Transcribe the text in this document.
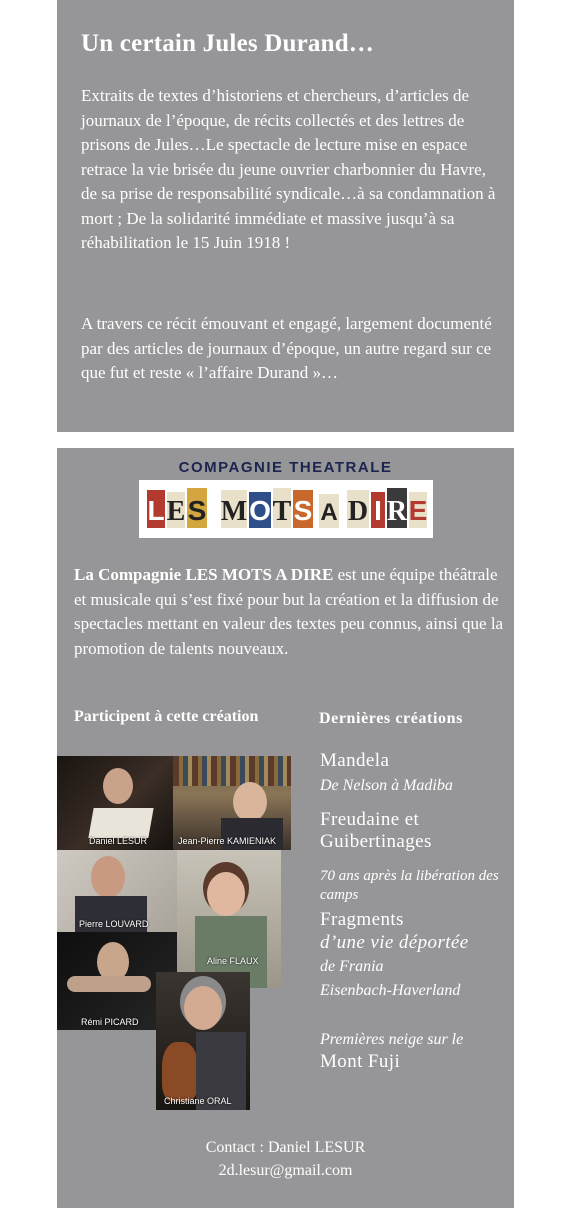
Un certain Jules Durand…
Extraits de textes d’historiens et chercheurs, d’articles de journaux de l’époque, de récits collectés et des lettres de prisons de Jules…Le spectacle de lecture mise en espace retrace la vie brisée du jeune ouvrier charbonnier du Havre, de sa prise de responsabilité syndicale…à sa condamnation à mort ; De la solidarité immédiate et massive jusqu’à sa réhabilitation le 15 Juin 1918 !
A travers ce récit émouvant et engagé, largement documenté par des articles de journaux d’époque, un autre regard sur ce que fut et reste « l’affaire Durand »…
COMPAGNIE THEATRALE
L E S M O T S A D I R E
La Compagnie LES MOTS A DIRE est une équipe théâtrale et musicale qui s’est fixé pour but la création et la diffusion de spectacles mettant en valeur des textes peu connus, ainsi que la promotion de talents nouveaux.
Participent à cette création	Dernières créations
Daniel LESUR	Jean-Pierre KAMIENIAK
Pierre LOUVARD
Aline FLAUX
Rémi PICARD
Christiane ORAL
Mandela
De Nelson à Madiba
Freudaine et
Guibertinages
70 ans après la libération des camps
Fragments
d’une vie déportée
de Frania
Eisenbach-Haverland
Premières neige sur le
Mont Fuji
Contact : Daniel LESUR
2d.lesur@gmail.com
